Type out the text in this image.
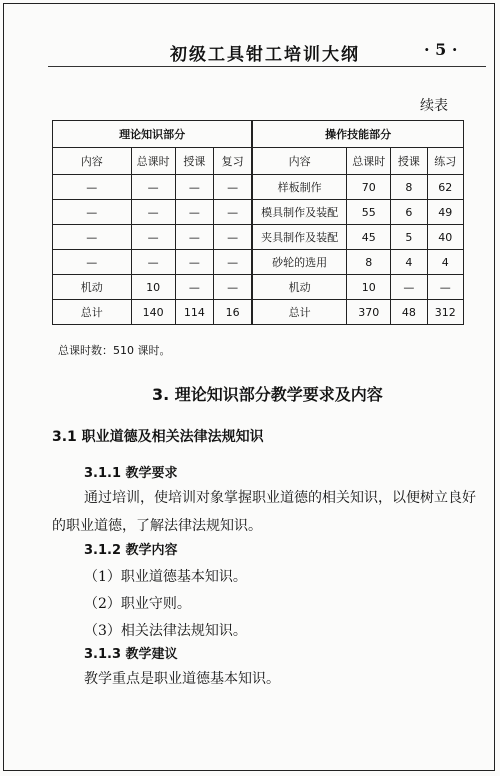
初级工具钳工培训大纲	· 5 ·
续表
理论知识部分				操作技能部分			
内容	总课时	授课	复习	内容	总课时	授课	练习
—	—	—	—	样板制作	70	8	62
—	—	—	—	模具制作及装配	55	6	49
—	—	—	—	夹具制作及装配	45	5	40
—	—	—	—	砂轮的选用	8	4	4
机动	10	—	—	机动	10	—	—
总计	140	114	16	总计	370	48	312
总课时数：510 课时。
3. 理论知识部分教学要求及内容
3.1 职业道德及相关法律法规知识
3.1.1 教学要求
通过培训，使培训对象掌握职业道德的相关知识，以便树立良好的职业道德，了解法律法规知识。
3.1.2 教学内容
（1）职业道德基本知识。
（2）职业守则。
（3）相关法律法规知识。
3.1.3 教学建议
教学重点是职业道德基本知识。
